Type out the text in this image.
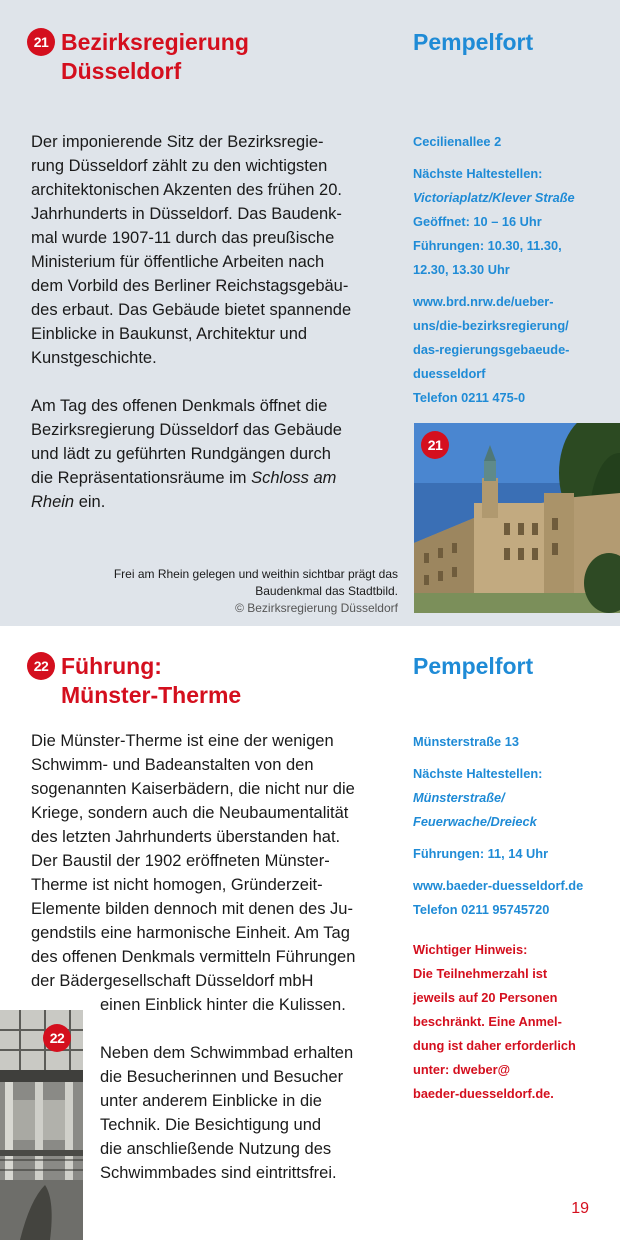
21 Bezirksregierung
Düsseldorf
Pempelfort

Der imponierende Sitz der Bezirksregie-
rung Düsseldorf zählt zu den wichtigsten
architektonischen Akzenten des frühen 20.
Jahrhunderts in Düsseldorf. Das Baudenk-
mal wurde 1907-11 durch das preußische
Ministerium für öffentliche Arbeiten nach
dem Vorbild des Berliner Reichstagsgebäu-
des erbaut. Das Gebäude bietet spannende
Einblicke in Baukunst, Architektur und
Kunstgeschichte.

Am Tag des offenen Denkmals öffnet die
Bezirksregierung Düsseldorf das Gebäude
und lädt zu geführten Rundgängen durch
die Repräsentationsräume im Schloss am
Rhein ein.

Cecilienallee 2
Nächste Haltestellen:
Victoriaplatz/Klever Straße
Geöffnet: 10 – 16 Uhr
Führungen: 10.30, 11.30,
12.30, 13.30 Uhr
www.brd.nrw.de/ueber-
uns/die-bezirksregierung/
das-regierungsgebaeude-
duesseldorf
Telefon 0211 475-0
Frei am Rhein gelegen und weithin sichtbar prägt das
Baudenkmal das Stadtbild.
© Bezirksregierung Düsseldorf
21
22 Führung:
Münster-Therme
Pempelfort

Die Münster-Therme ist eine der wenigen
Schwimm- und Badeanstalten von den
sogenannten Kaiserbädern, die nicht nur die
Kriege, sondern auch die Neubaumentalität
des letzten Jahrhunderts überstanden hat.
Der Baustil der 1902 eröffneten Münster-
Therme ist nicht homogen, Gründerzeit-
Elemente bilden dennoch mit denen des Ju-
gendstils eine harmonische Einheit. Am Tag
des offenen Denkmals vermitteln Führungen
der Bädergesellschaft Düsseldorf mbH
einen Einblick hinter die Kulissen.

Neben dem Schwimmbad erhalten
die Besucherinnen und Besucher
unter anderem Einblicke in die
Technik. Die Besichtigung und
die anschließende Nutzung des
Schwimmbades sind eintrittsfrei.

Münsterstraße 13
Nächste Haltestellen:
Münsterstraße/
Feuerwache/Dreieck
Führungen: 11, 14 Uhr
www.baeder-duesseldorf.de
Telefon 0211 95745720
Wichtiger Hinweis:
Die Teilnehmerzahl ist
jeweils auf 20 Personen
beschränkt. Eine Anmel-
dung ist daher erforderlich
unter: dweber@
baeder-duesseldorf.de.
22
19
